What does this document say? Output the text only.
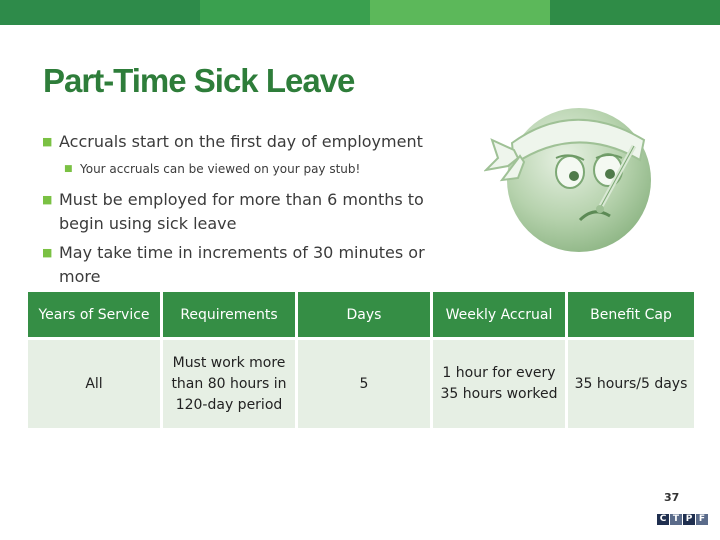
Part-Time Sick Leave
■ Accruals start on the first day of employment
■ Your accruals can be viewed on your pay stub!
■ Must be employed for more than 6 months to begin using sick leave
■ May take time in increments of 30 minutes or more
Years of Service	Requirements	Days	Weekly Accrual	Benefit Cap
All	Must work more than 80 hours in 120-day period	5	1 hour for every 35 hours worked	35 hours/5 days
37
C T P F
